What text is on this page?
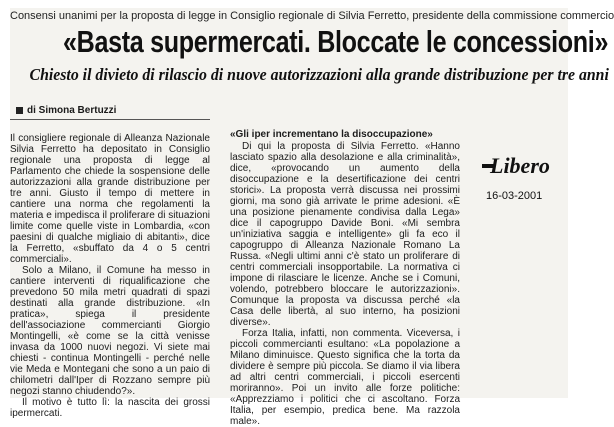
Consensi unanimi per la proposta di legge in Consiglio regionale di Silvia Ferretto, presidente della commissione commercio
«Basta supermercati. Bloccate le concessioni»
Chiesto il divieto di rilascio di nuove autorizzazioni alla grande distribuzione per tre anni
di Simona Bertuzzi

Il consigliere regionale di Alleanza Nazionale Silvia Ferretto ha depositato in Consiglio regionale una proposta di legge al Parlamento che chiede la sospensione delle autorizzazioni alla grande distribuzione per tre anni. Giusto il tempo di mettere in cantiere una norma che regolamenti la materia e impedisca il proliferare di situazioni limite come quelle viste in Lombardia, «con paesini di qualche migliaio di abitanti», dice la Ferretto, «sbuffato da 4 o 5 centri commerciali».

Solo a Milano, il Comune ha messo in cantiere interventi di riqualificazione che prevedono 50 mila metri quadrati di spazi destinati alla grande distribuzione. «In pratica», spiega il presidente dell'associazione commercianti Giorgio Montingelli, «è come se la città venisse invasa da 1000 nuovi negozi. Vi siete mai chiesti - continua Montingelli - perché nelle vie Meda e Montegani che sono a un paio di chilometri dall'Iper di Rozzano sempre più negozi stanno chiudendo?».

Il motivo è tutto lì: la nascita dei grossi ipermercati.

«Gli iper incrementano la disoccupazione»

Di qui la proposta di Silvia Ferretto. «Hanno lasciato spazio alla desolazione e alla criminalità», dice, «provocando un aumento della disoccupazione e la desertificazione dei centri storici». La proposta verrà discussa nei prossimi giorni, ma sono già arrivate le prime adesioni. «È una posizione pienamente condivisa dalla Lega» dice il capogruppo Davide Boni. «Mi sembra un'iniziativa saggia e intelligente» gli fa eco il capogruppo di Alleanza Nazionale Romano La Russa. «Negli ultimi anni c'è stato un proliferare di centri commerciali insopportabile. La normativa ci impone di rilasciare le licenze. Anche se i Comuni, volendo, potrebbero bloccare le autorizzazioni». Comunque la proposta va discussa perché «la Casa delle libertà, al suo interno, ha posizioni diverse».

Forza Italia, infatti, non commenta. Viceversa, i piccoli commercianti esultano: «La popolazione a Milano diminuisce. Questo significa che la torta da dividere è sempre più piccola. Se diamo il via libera ad altri centri commerciali, i piccoli esercenti moriranno». Poi un invito alle forze politiche: «Apprezziamo i politici che ci ascoltano. Forza Italia, per esempio, predica bene. Ma razzola male».

Libero
16-03-2001
